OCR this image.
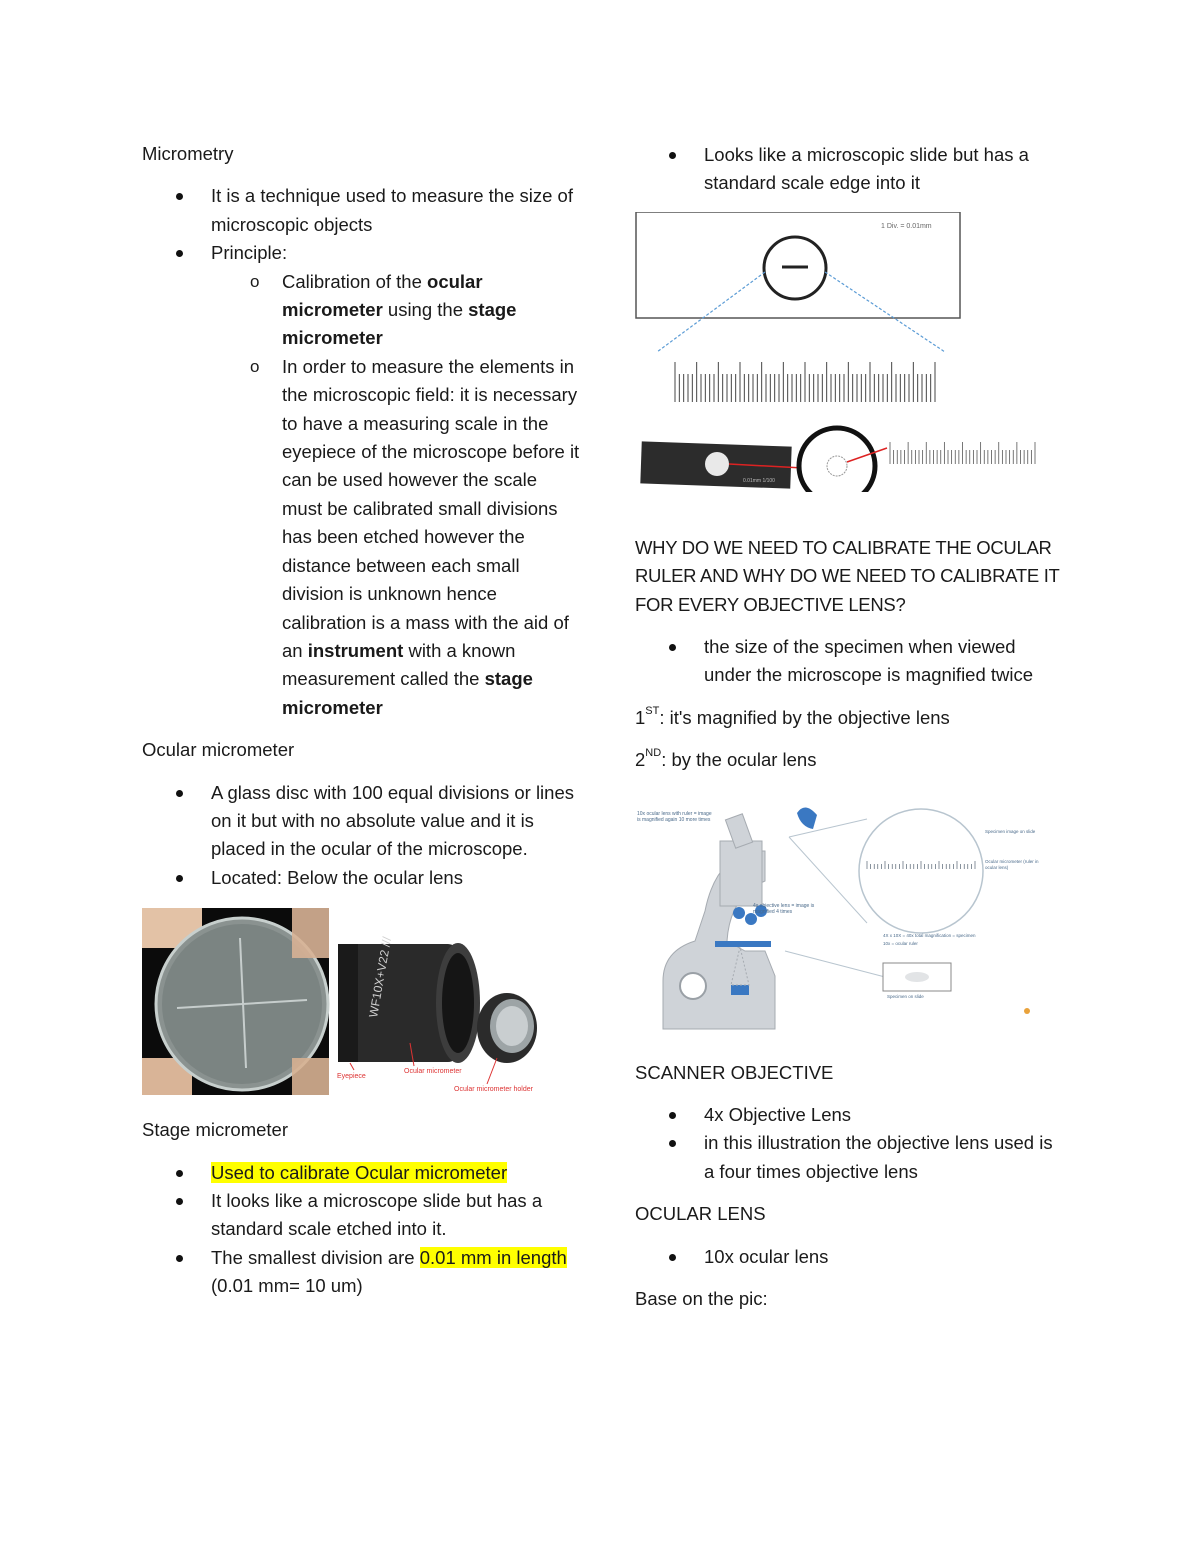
Micrometry

It is a technique used to measure the size of microscopic objects

Principle:

o Calibration of the ocular micrometer using the stage micrometer

o In order to measure the elements in the microscopic field: it is necessary to have a measuring scale in the eyepiece of the microscope before it can be used however the scale must be calibrated small divisions has been etched however the distance between each small division is unknown hence calibration is a mass with the aid of an instrument with a known measurement called the stage micrometer

Ocular micrometer

A glass disc with 100 equal divisions or lines on it but with no absolute value and it is placed in the ocular of the microscope.

Located: Below the ocular lens

WF10X+V22 ///
Eyepiece
Ocular micrometer
Ocular micrometer holder

Stage micrometer

Used to calibrate Ocular micrometer

It looks like a microscope slide but has a standard scale etched into it.

The smallest division are 0.01 mm in length (0.01 mm= 10 um)

Looks like a microscopic slide but has a standard scale edge into it

1 Div. = 0.01mm
0.01mm 1/100

WHY DO WE NEED TO CALIBRATE THE OCULAR RULER AND WHY DO WE NEED TO CALIBRATE IT FOR EVERY OBJECTIVE LENS?

the size of the specimen when viewed under the microscope is magnified twice

1ST: it's magnified by the objective lens

2ND: by the ocular lens

10x ocular lens with ruler = image is magnified again 10 more times
4x objective lens = image is magnified 4 times
Specimen image on slide
Ocular micrometer (ruler in ocular lens)
4X x 10X = 40x total magnification = specimen
10x = ocular ruler
Specimen on slide

SCANNER OBJECTIVE

4x Objective Lens

in this illustration the objective lens used is a four times objective lens

OCULAR LENS

10x ocular lens

Base on the pic:
